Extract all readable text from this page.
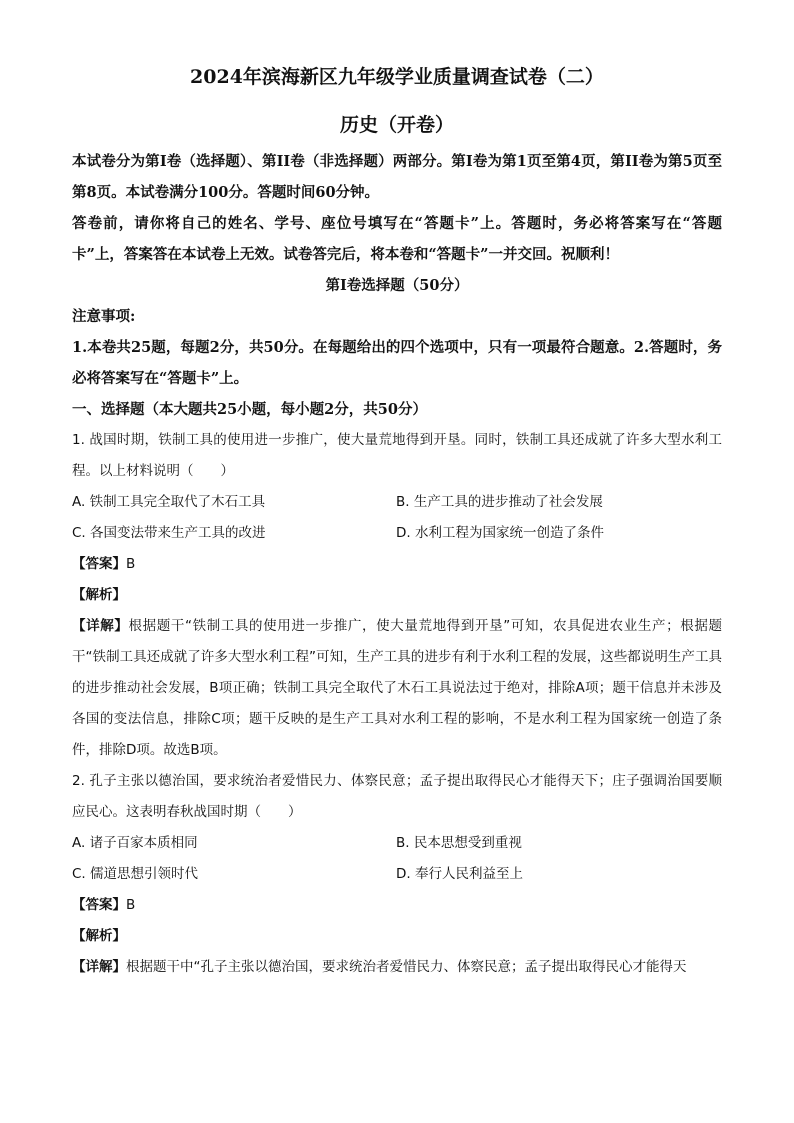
2024年滨海新区九年级学业质量调查试卷（二）
历史（开卷）

本试卷分为第Ⅰ卷（选择题）、第II卷（非选择题）两部分。第Ⅰ卷为第1页至第4页，第II卷为第5页至第8页。本试卷满分100分。答题时间60分钟。

答卷前，请你将自己的姓名、学号、座位号填写在“答题卡”上。答题时，务必将答案写在“答题卡”上，答案答在本试卷上无效。试卷答完后，将本卷和“答题卡”一并交回。祝顺利！

第Ⅰ卷选择题（50分）

注意事项:

1.本卷共25题，每题2分，共50分。在每题给出的四个选项中，只有一项最符合题意。2.答题时，务必将答案写在“答题卡”上。

一、选择题（本大题共25小题，每小题2分，共50分）

1. 战国时期，铁制工具的使用进一步推广，使大量荒地得到开垦。同时，铁制工具还成就了许多大型水利工程。以上材料说明（　　）

A. 铁制工具完全取代了木石工具	B. 生产工具的进步推动了社会发展
C. 各国变法带来生产工具的改进	D. 水利工程为国家统一创造了条件

【答案】B

【解析】

【详解】根据题干“铁制工具的使用进一步推广，使大量荒地得到开垦”可知，农具促进农业生产；根据题干“铁制工具还成就了许多大型水利工程”可知，生产工具的进步有利于水利工程的发展，这些都说明生产工具的进步推动社会发展，B项正确；铁制工具完全取代了木石工具说法过于绝对，排除A项；题干信息并未涉及各国的变法信息，排除C项；题干反映的是生产工具对水利工程的影响，不是水利工程为国家统一创造了条件，排除D项。故选B项。

2. 孔子主张以德治国，要求统治者爱惜民力、体察民意；孟子提出取得民心才能得天下；庄子强调治国要顺应民心。这表明春秋战国时期（　　）

A. 诸子百家本质相同	B. 民本思想受到重视
C. 儒道思想引领时代	D. 奉行人民利益至上

【答案】B

【解析】

【详解】根据题干中“孔子主张以德治国，要求统治者爱惜民力、体察民意；孟子提出取得民心才能得天
